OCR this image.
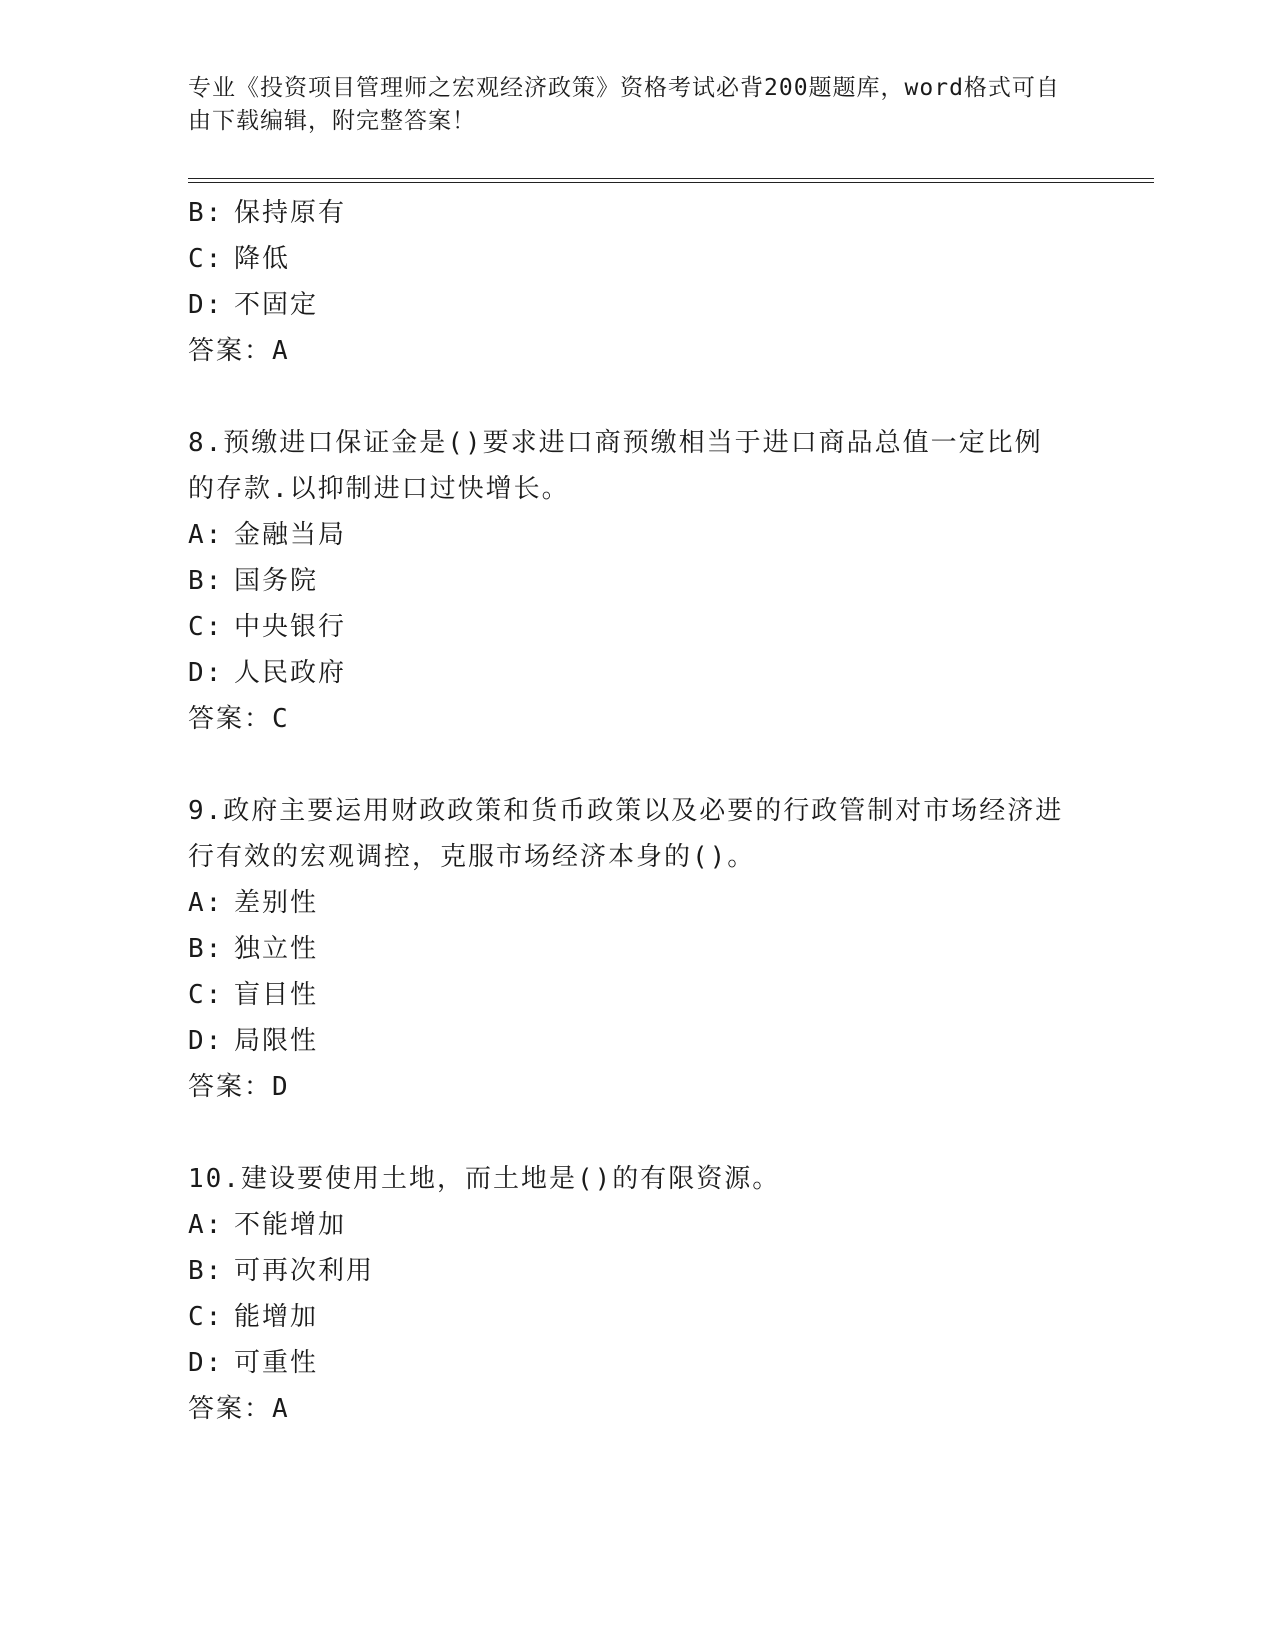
专业《投资项目管理师之宏观经济政策》资格考试必背200题题库，word格式可自由下载编辑，附完整答案！
B: 保持原有
C: 降低
D: 不固定
答案：A
8.预缴进口保证金是()要求进口商预缴相当于进口商品总值一定比例的存款.以抑制进口过快增长。
A: 金融当局
B: 国务院
C: 中央银行
D: 人民政府
答案：C
9.政府主要运用财政政策和货币政策以及必要的行政管制对市场经济进行有效的宏观调控，克服市场经济本身的()。
A: 差别性
B: 独立性
C: 盲目性
D: 局限性
答案：D
10.建设要使用土地，而土地是()的有限资源。
A: 不能增加
B: 可再次利用
C: 能增加
D: 可重性
答案：A
